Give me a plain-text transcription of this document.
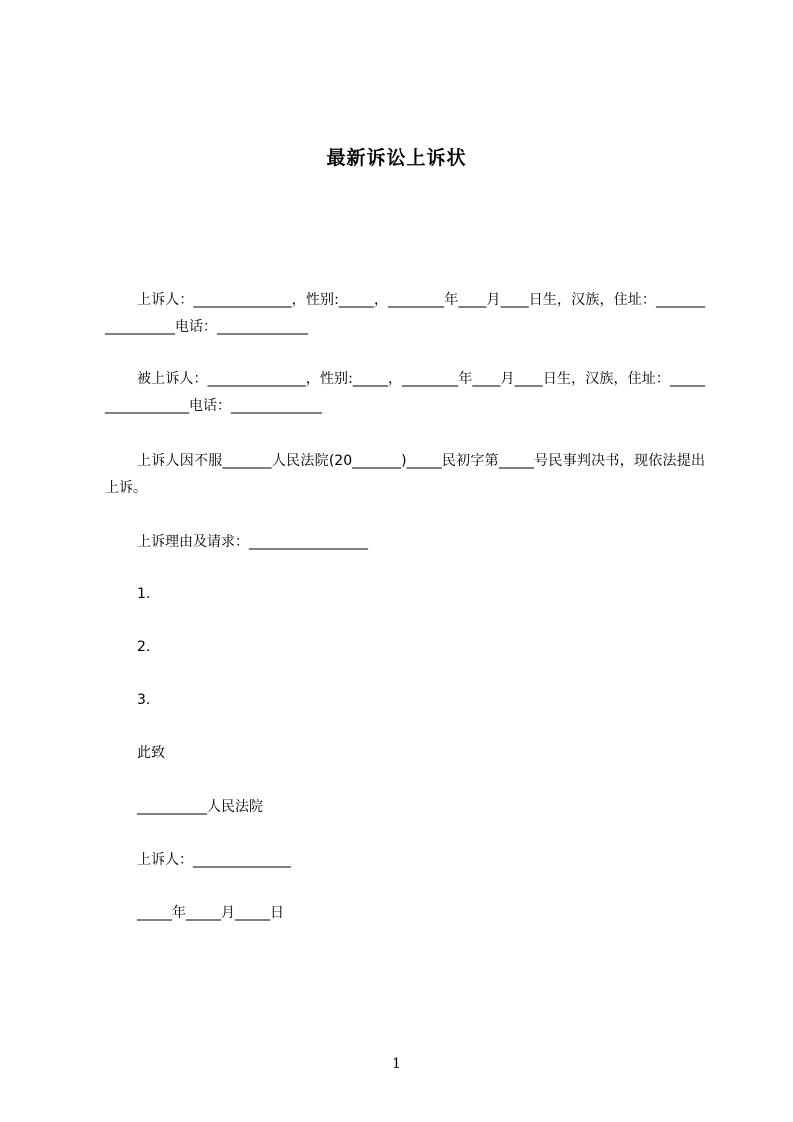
最新诉讼上诉状
上诉人：______________，性别:_____，________年____月____日生，汉族，住址：_________________电话：_____________
被上诉人：______________，性别:_____，________年____月____日生，汉族，住址：_________________电话：_____________
上诉人因不服_______人民法院(20_______)_____民初字第_____号民事判决书，现依法提出上诉。
上诉理由及请求：_________________
1.
2.
3.
此致
__________人民法院
上诉人：______________
_____年_____月_____日
1
